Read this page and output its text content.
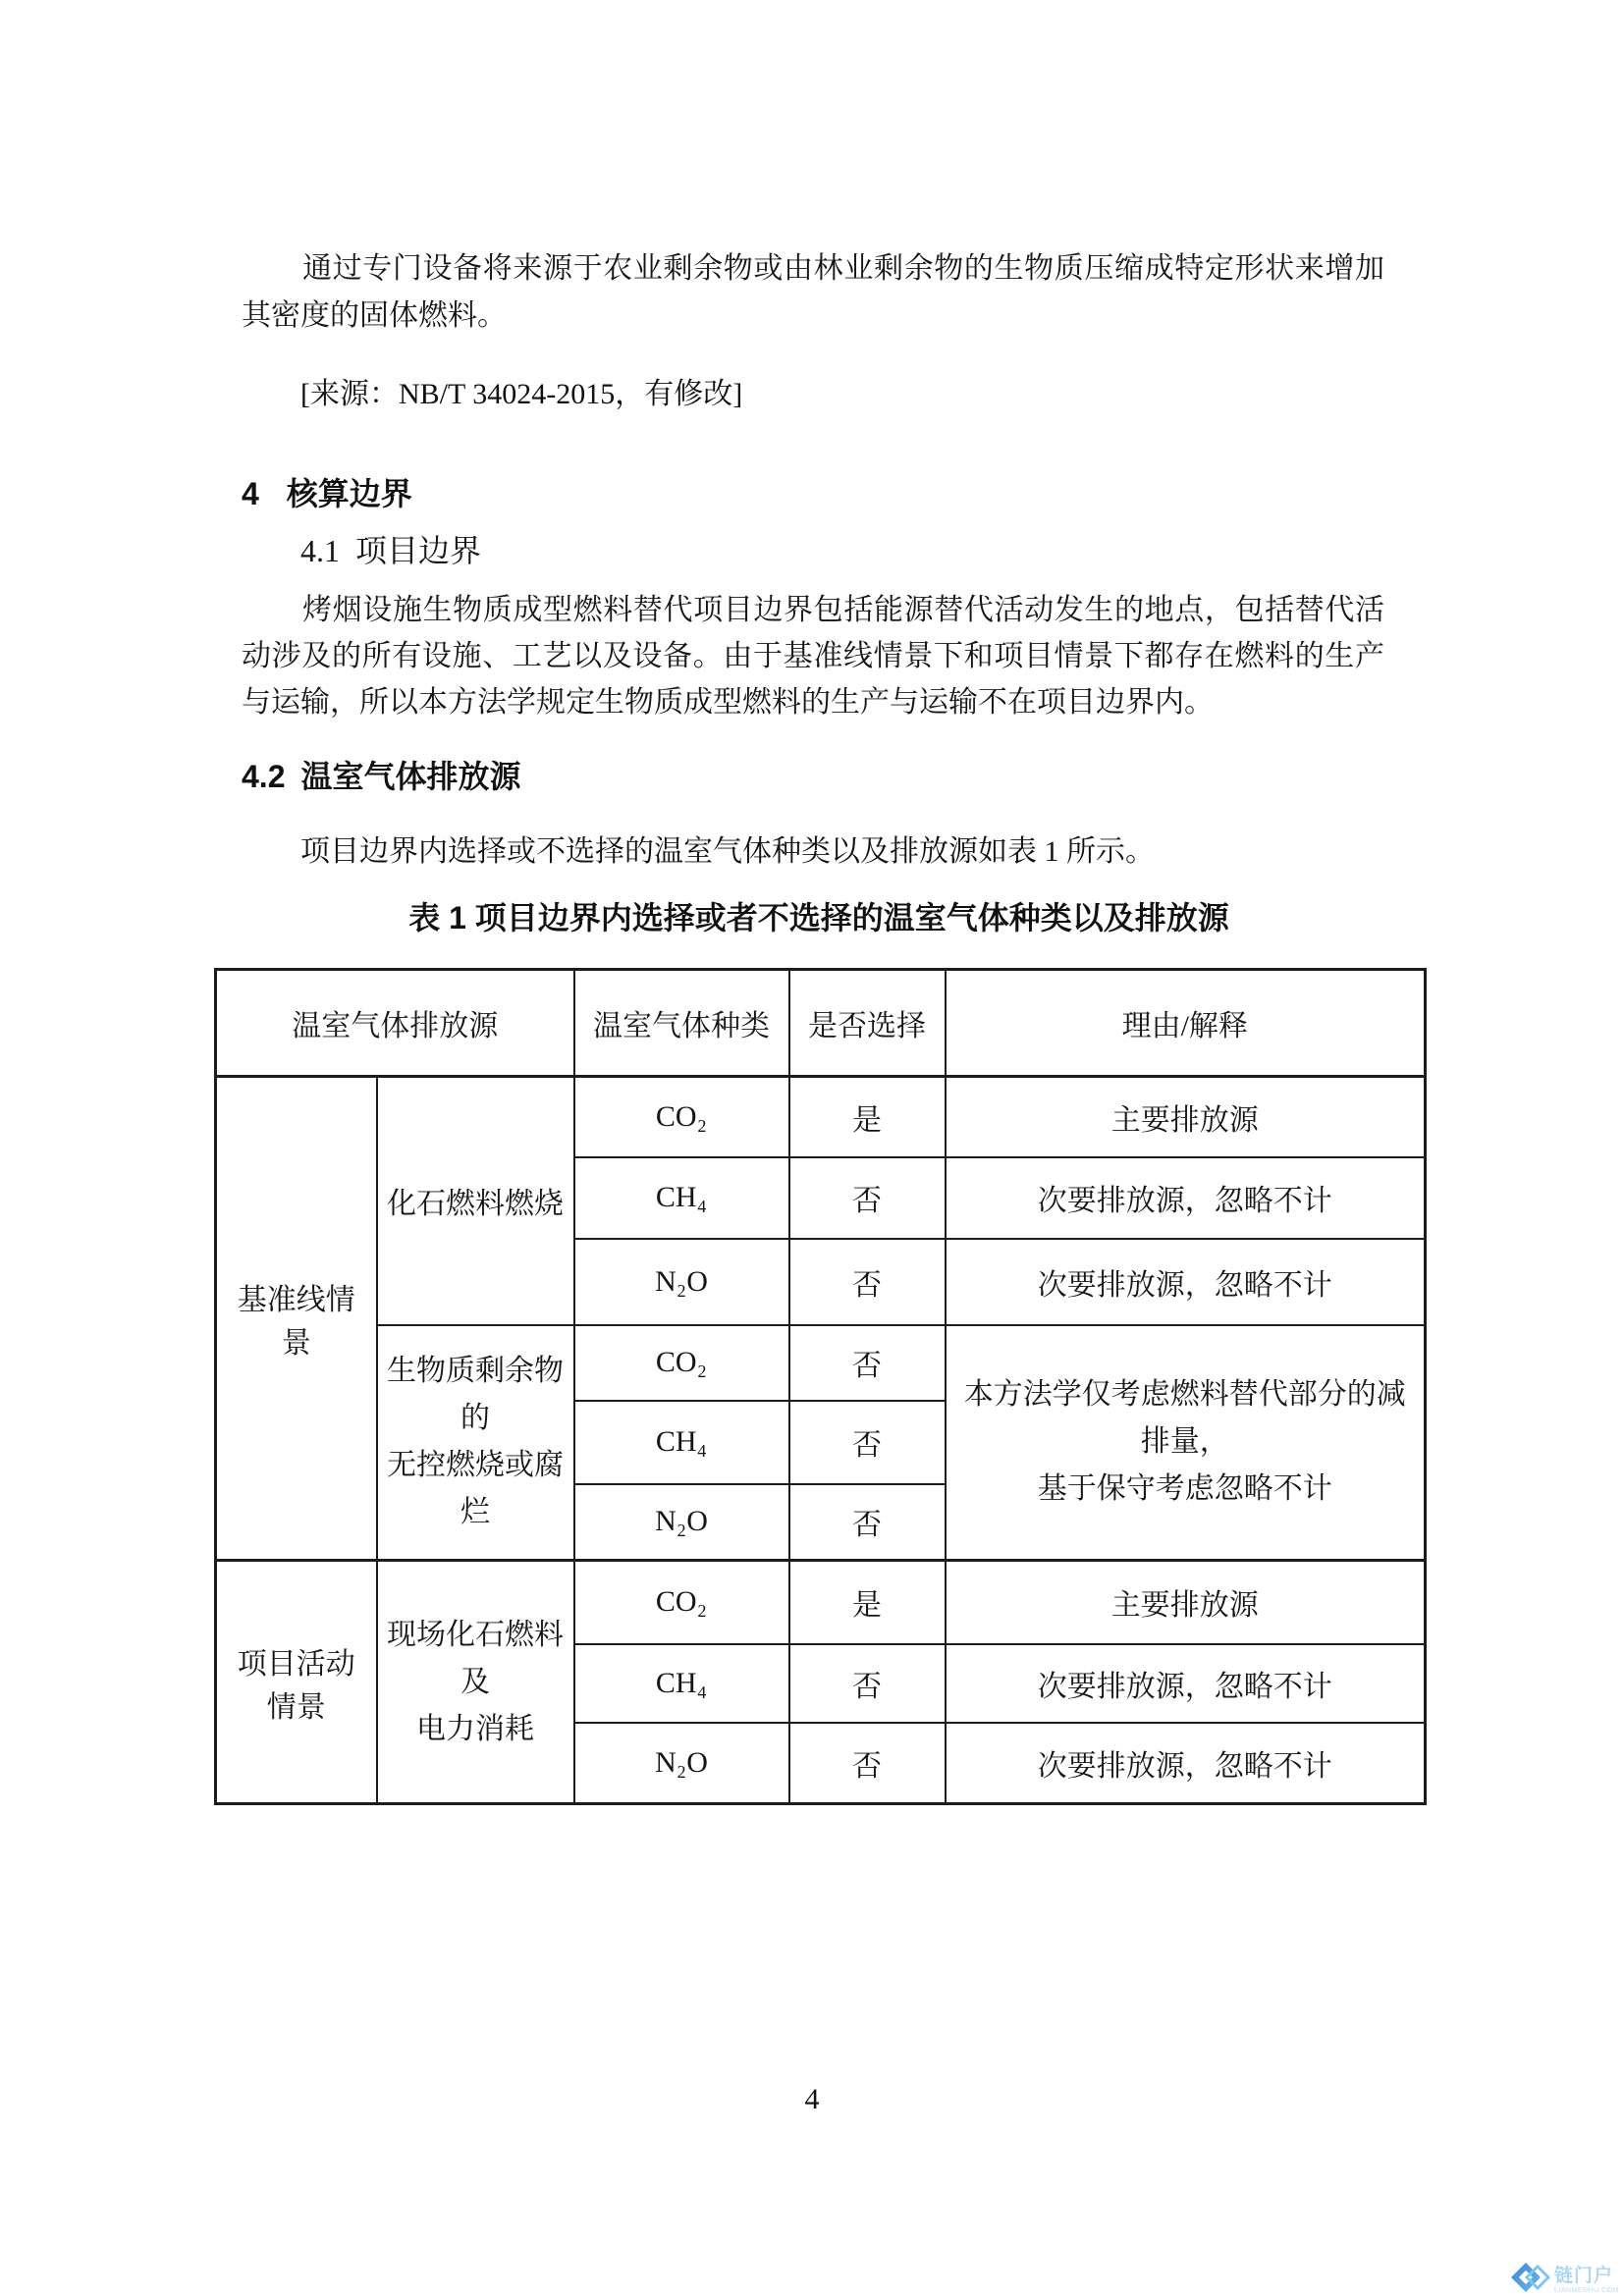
通过专门设备将来源于农业剩余物或由林业剩余物的生物质压缩成特定形状来增加其密度的固体燃料。

[来源：NB/T 34024-2015，有修改]

4 核算边界
4.1 项目边界

烤烟设施生物质成型燃料替代项目边界包括能源替代活动发生的地点，包括替代活动涉及的所有设施、工艺以及设备。由于基准线情景下和项目情景下都存在燃料的生产与运输，所以本方法学规定生物质成型燃料的生产与运输不在项目边界内。

4.2 温室气体排放源

项目边界内选择或不选择的温室气体种类以及排放源如表 1 所示。

表 1 项目边界内选择或者不选择的温室气体种类以及排放源
温室气体排放源		温室气体种类	是否选择	理由/解释
基准线情景	化石燃料燃烧	CO₂	是	主要排放源
		CH₄	否	次要排放源，忽略不计
		N₂O	否	次要排放源，忽略不计

	生物质剩余物的
无控燃烧或腐烂	CO₂	否	本方法学仅考虑燃料替代部分的减排量，
基于保守考虑忽略不计

		CH₄	否	
		N₂O	否	
项目活动情景	现场化石燃料及
电力消耗	CO₂	是	主要排放源
		CH₄	否	次要排放源，忽略不计
		N₂O	否	次要排放源，忽略不计
4
链门户
LIANMENHU.COM
